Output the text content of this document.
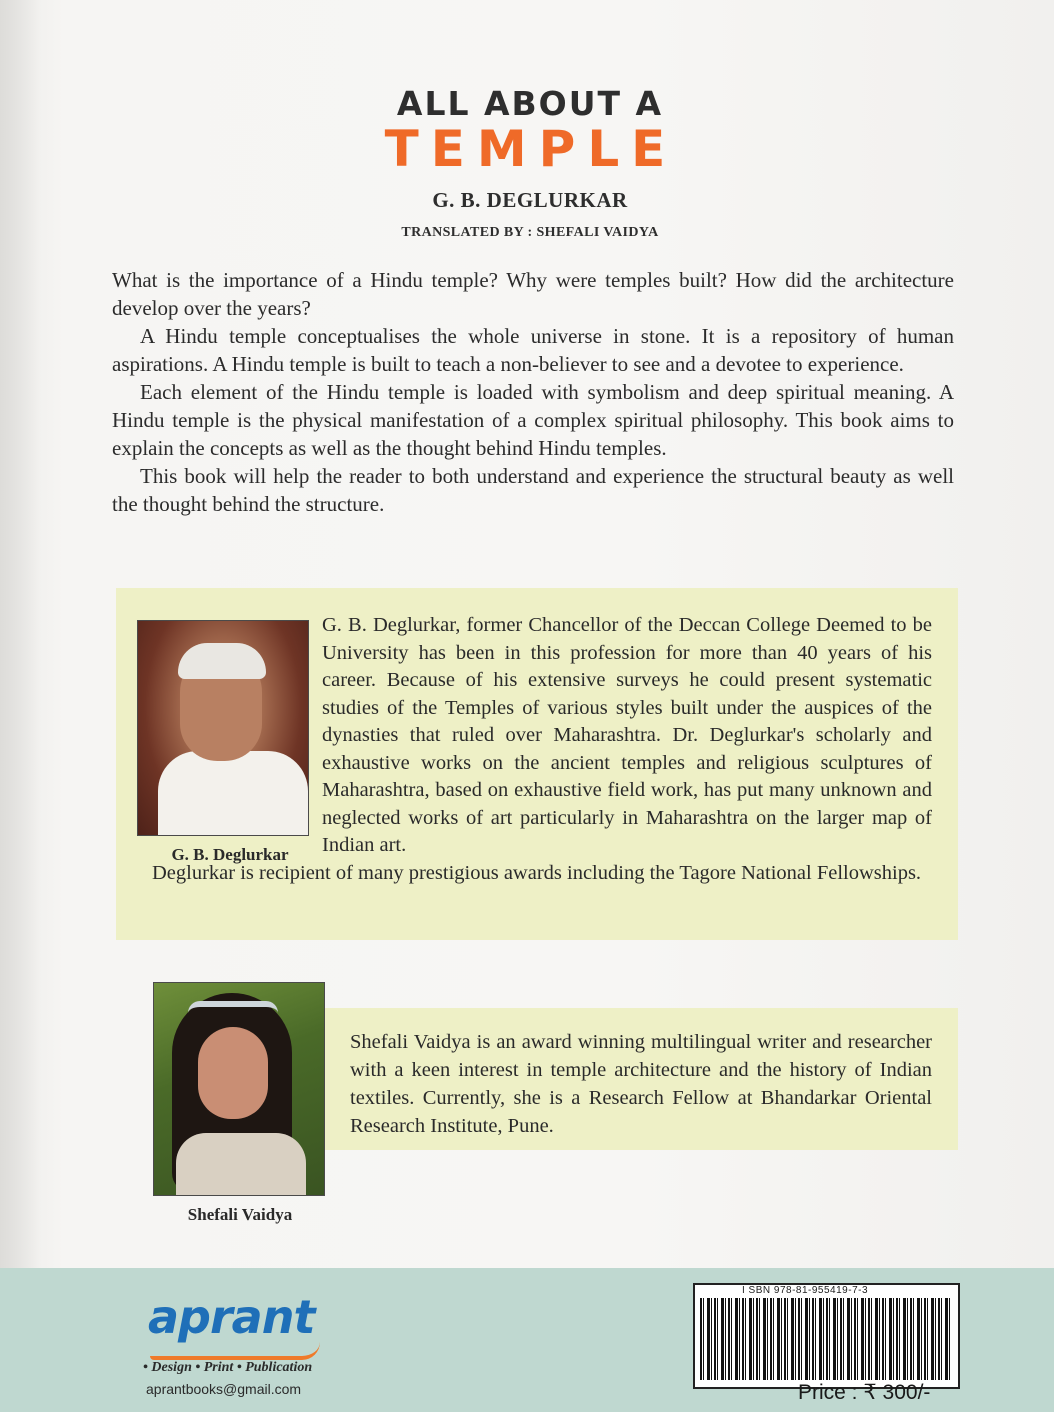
ALL ABOUT A
TEMPLE
G. B. DEGLURKAR
TRANSLATED BY : SHEFALI VAIDYA

What is the importance of a Hindu temple? Why were temples built? How did the architecture develop over the years?

A Hindu temple conceptualises the whole universe in stone. It is a repository of human aspirations. A Hindu temple is built to teach a non-believer to see and a devotee to experience.

Each element of the Hindu temple is loaded with symbolism and deep spiritual meaning. A Hindu temple is the physical manifestation of a complex spiritual philosophy. This book aims to explain the concepts as well as the thought behind Hindu temples.

This book will help the reader to both understand and experience the structural beauty as well the thought behind the structure.

G. B. Deglurkar
G. B. Deglurkar, former Chancellor of the Deccan College Deemed to be University has been in this profession for more than 40 years of his career. Because of his extensive surveys he could present systematic studies of the Temples of various styles built under the auspices of the dynasties that ruled over Maharashtra. Dr. Deglurkar's scholarly and exhaustive works on the ancient temples and religious sculptures of Maharashtra, based on exhaustive field work, has put many unknown and neglected works of art particularly in Maharashtra on the larger map of Indian art.
Deglurkar is recipient of many prestigious awards including the Tagore National Fellowships.
Shefali Vaidya
Shefali Vaidya is an award winning multilingual writer and researcher with a keen interest in temple architecture and the history of Indian textiles. Currently, she is a Research Fellow at Bhandarkar Oriental Research Institute, Pune.
aprant
• Design • Print • Publication
aprantbooks@gmail.com
I SBN 978-81-955419-7-3
Price : ₹ 300/-
